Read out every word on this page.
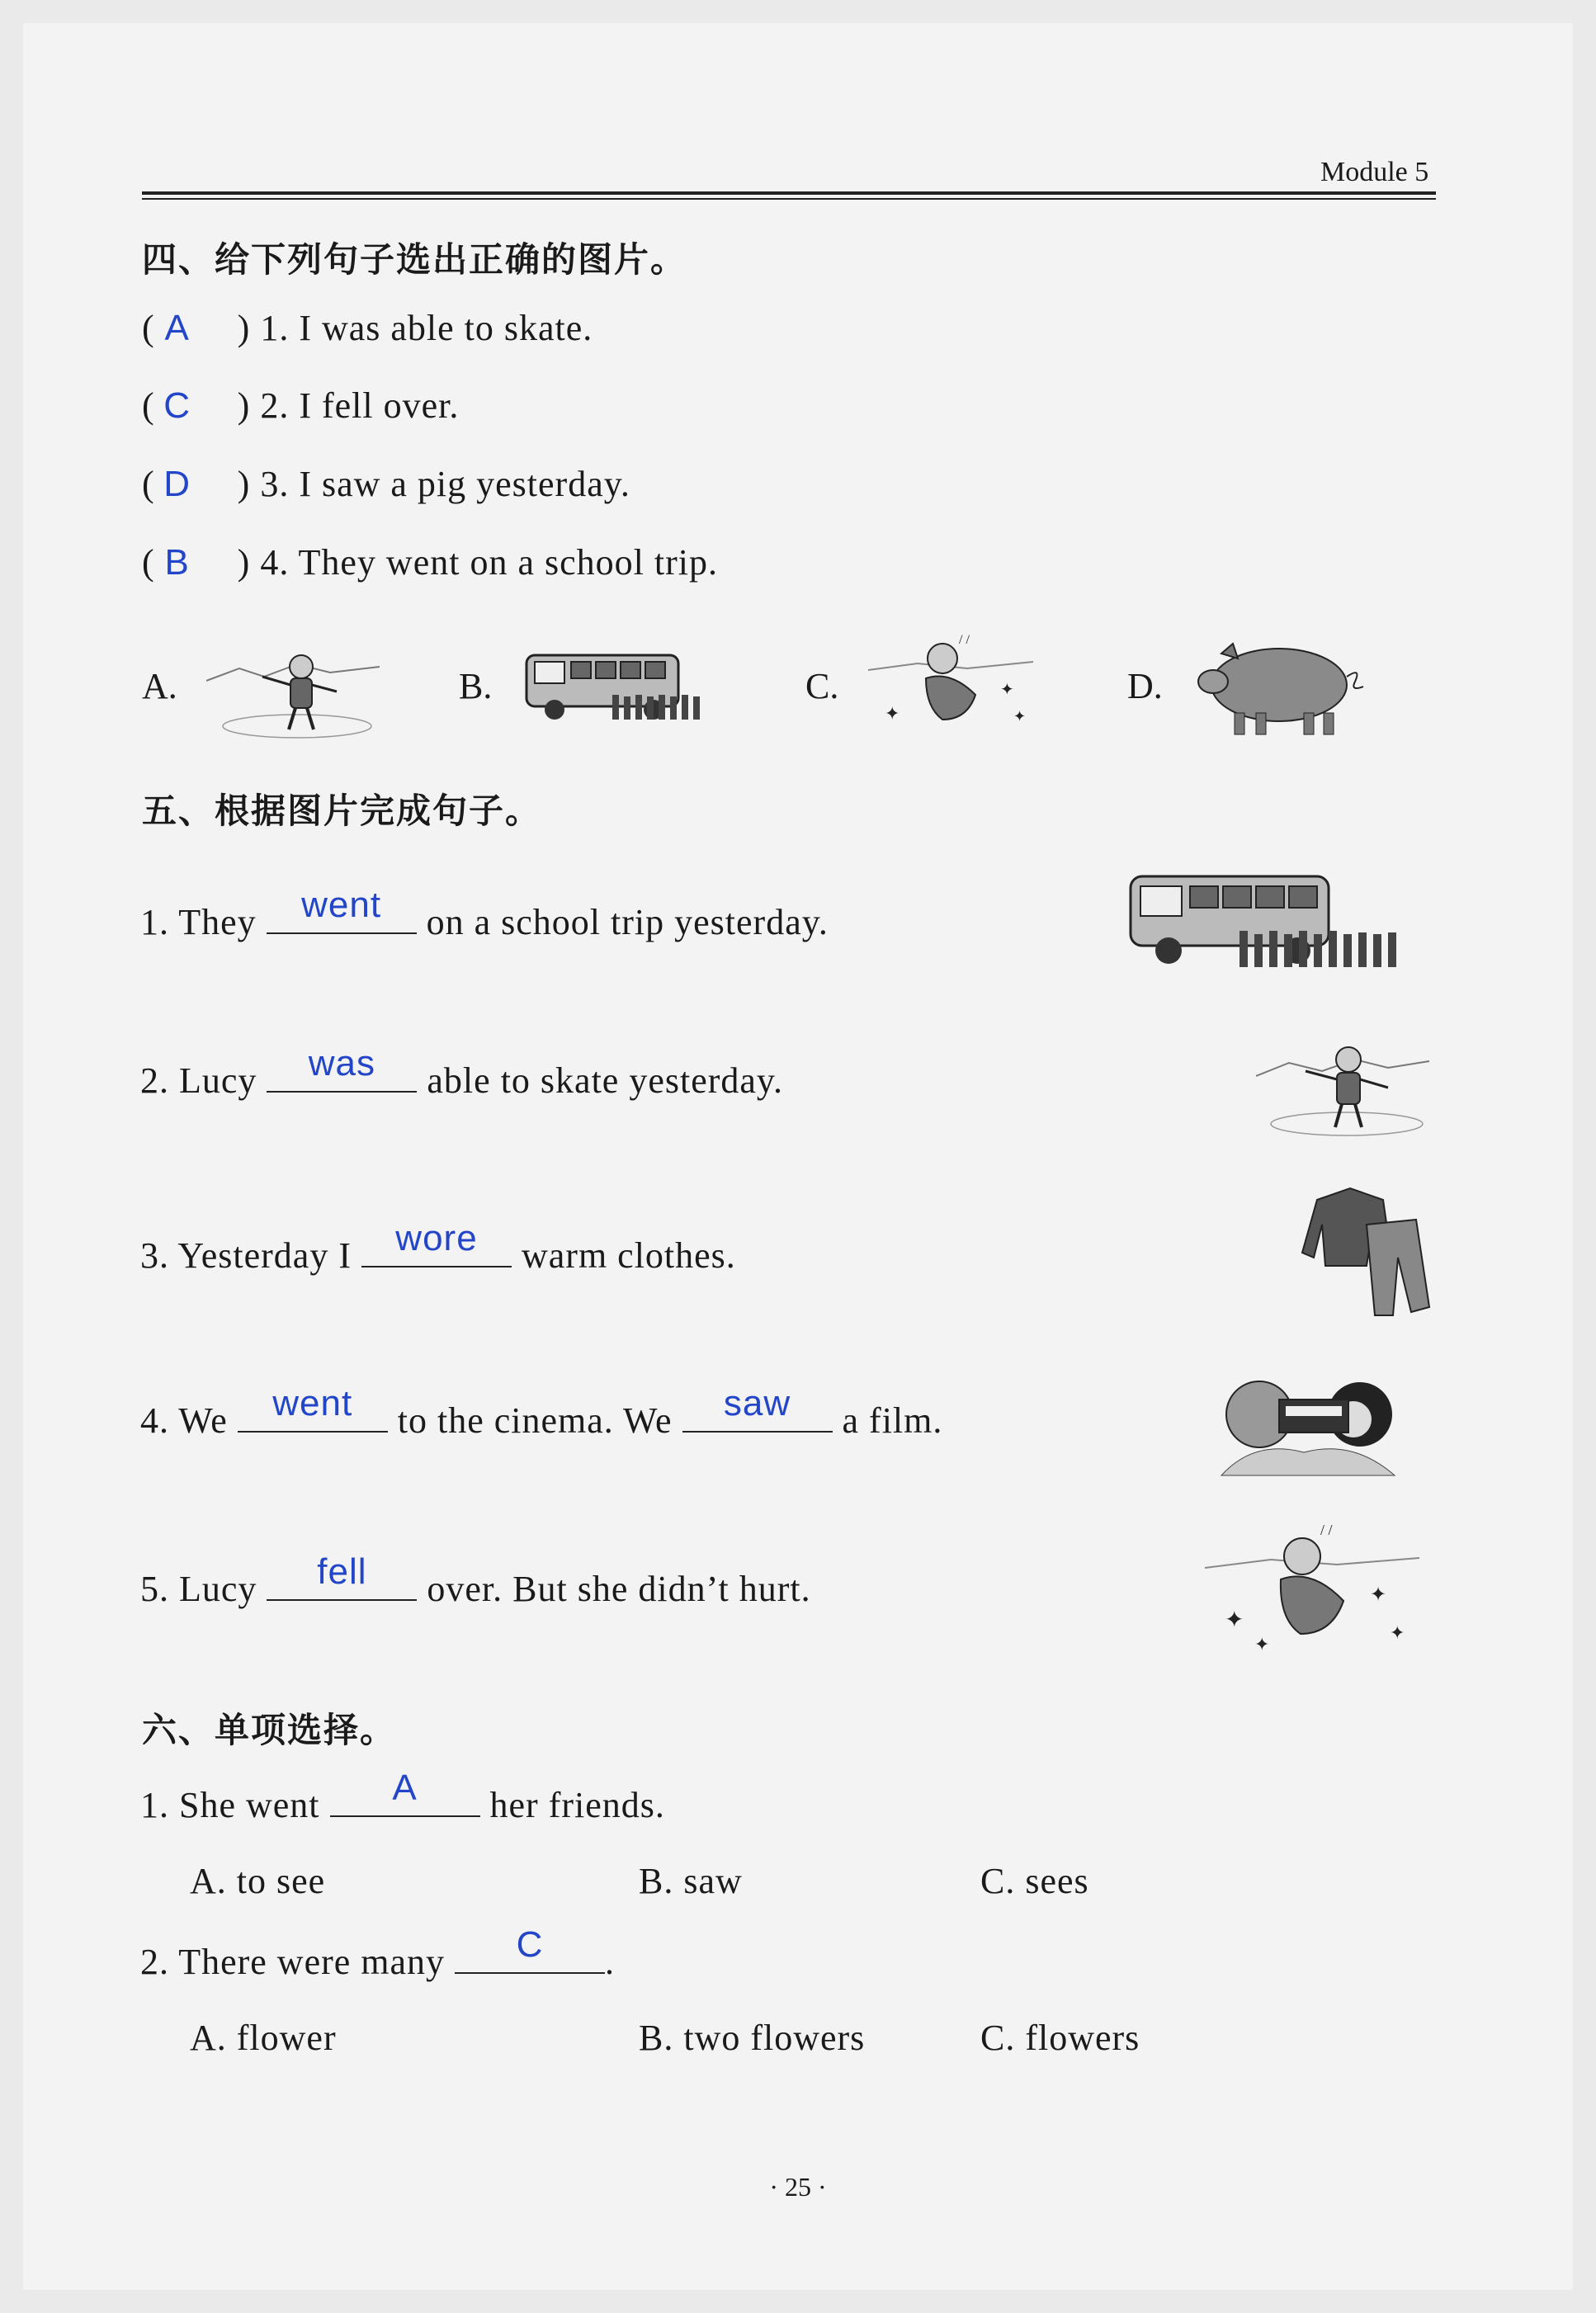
Module 5
四、给下列句子选出正确的图片。
( A ) 1. I was able to skate.
( C ) 2. I fell over.
( D ) 3. I saw a pig yesterday.
( B ) 4. They went on a school trip.
A.	B.	C.	D.
✦
✦
✦
/ /
五、根据图片完成句子。
1. They	went	on a school trip yesterday.
2. Lucy	was	able to skate yesterday.
3. Yesterday I	wore	warm clothes.
4. We	went	to the cinema. We	saw	a film.
5. Lucy	fell	over. But she didn’t hurt.
✦
✦
✦
✦
/ /
六、单项选择。
1. She went	A	her friends.
A. to see	B. saw	C. sees
2. There were many	C	.
A. flower	B. two flowers	C. flowers
· 25 ·
